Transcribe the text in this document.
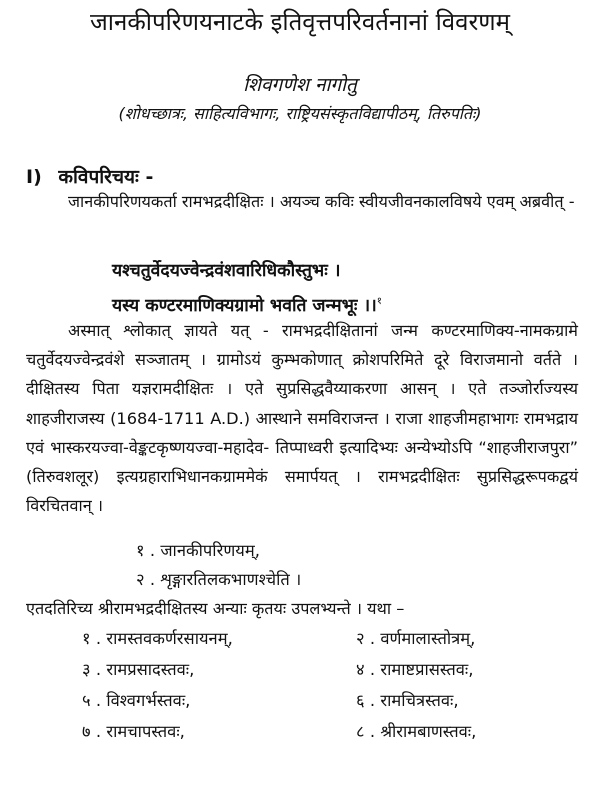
जानकीपरिणयनाटके इतिवृत्तपरिवर्तनानां विवरणम्
शिवगणेश नागोतु
(शोधच्छात्रः, साहित्यविभागः, राष्ट्रियसंस्कृतविद्यापीठम्, तिरुपतिः)
I) कविपरिचयः -

जानकीपरिणयकर्ता रामभद्रदीक्षितः । अयञ्च कविः स्वीयजीवनकालविषये एवम् अब्रवीत् -

यश्चतुर्वेदयज्वेन्द्रवंशवारिधिकौस्तुभः ।
यस्य कण्टरमाणिक्यग्रामो भवति जन्मभूः ।।$^१$

अस्मात् श्लोकात् ज्ञायते यत् - रामभद्रदीक्षितानां जन्म कण्टरमाणिक्य-नामकग्रामे चतुर्वेदयज्वेन्द्रवंशे सञ्जातम् । ग्रामोऽयं कुम्भकोणात् क्रोशपरिमिते दूरे विराजमानो वर्तते । दीक्षितस्य पिता यज्ञरामदीक्षितः । एते सुप्रसिद्धवैय्याकरणा आसन् । एते तञ्जोर्राज्यस्य शाहजीराजस्य (1684-1711 A.D.) आस्थाने समविराजन्त । राजा शाहजीमहाभागः रामभद्राय एवं भास्करयज्वा-वेङ्कटकृष्णयज्वा-महादेव- तिप्पाध्वरी इत्यादिभ्यः अन्येभ्योऽपि “शाहजीराजपुरा” (तिरुवशलूर) इत्यग्रहाराभिधानकग्राममेकं समार्पयत् । रामभद्रदीक्षितः सुप्रसिद्धरूपकद्वयं विरचितवान् ।

१ . जानकीपरिणयम्,
२ . शृङ्गारतिलकभाणश्चेति ।

एतदतिरिच्य श्रीरामभद्रदीक्षितस्य अन्याः कृतयः उपलभ्यन्ते । यथा –

१ . रामस्तवकर्णरसायनम्,	२ . वर्णमालास्तोत्रम्,
३ . रामप्रसादस्तवः,	४ . रामाष्टप्रासस्तवः,
५ . विश्वगर्भस्तवः,	६ . रामचित्रस्तवः,
७ . रामचापस्तवः,	८ . श्रीरामबाणस्तवः,
